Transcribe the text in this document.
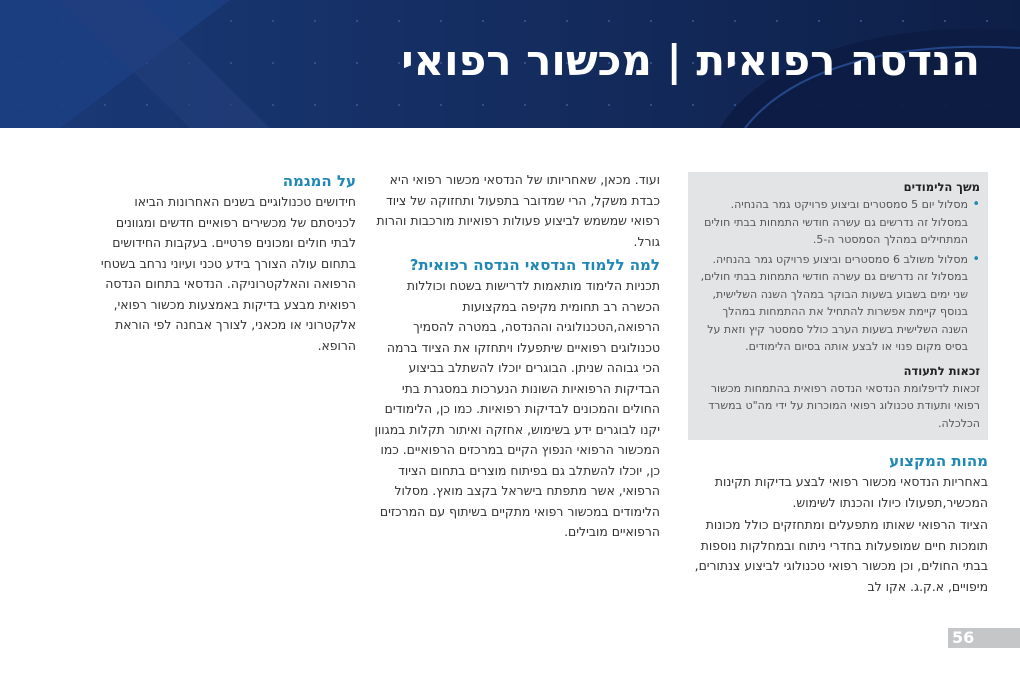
הנדסה רפואית | מכשור רפואי
על המגמה

חידושים טכנולוגיים בשנים האחרונות הביאו לכניסתם של מכשירים רפואיים חדשים ומגוונים לבתי חולים ומכונים פרטיים. בעקבות החידושים בתחום עולה הצורך בידע טכני ועיוני נרחב בשטחי הרפואה והאלקטרוניקה. הנדסאי בתחום הנדסה רפואית מבצע בדיקות באמצעות מכשור רפואי, אלקטרוני או מכאני, לצורך אבחנה לפי הוראת הרופא.

ועוד. מכאן, שאחריותו של הנדסאי מכשור רפואי היא כבדת משקל, הרי שמדובר בתפעול ותחזוקה של ציוד רפואי שמשמש לביצוע פעולות רפואיות מורכבות והרות גורל.

למה ללמוד הנדסאי הנדסה רפואית?

תכניות הלימוד מותאמות לדרישות בשטח וכוללות הכשרה רב תחומית מקיפה במקצועות הרפואה,הטכנולוגיה וההנדסה, במטרה להסמיך טכנולוגים רפואיים שיתפעלו ויתחזקו את הציוד ברמה הכי גבוהה שניתן. הבוגרים יוכלו להשתלב בביצוע הבדיקות הרפואיות השונות הנערכות במסגרת בתי החולים והמכונים לבדיקות רפואיות. כמו כן, הלימודים יקנו לבוגרים ידע בשימוש, אחזקה ואיתור תקלות במגוון המכשור הרפואי הנפוץ הקיים במרכזים הרפואיים. כמו כן, יוכלו להשתלב גם בפיתוח מוצרים בתחום הציוד הרפואי, אשר מתפתח בישראל בקצב מואץ. מסלול הלימודים במכשור רפואי מתקיים בשיתוף עם המרכזים הרפואיים מובילים.

משך הלימודים
• מסלול יום 5 סמסטרים וביצוע פרויקט גמר בהנחיה. במסלול זה נדרשים גם עשרה חודשי התמחות בבתי חולים המתחילים במהלך הסמסטר ה-5.
• מסלול משולב 6 סמסטרים וביצוע פרויקט גמר בהנחיה. במסלול זה נדרשים גם עשרה חודשי התמחות בבתי חולים, שני ימים בשבוע בשעות הבוקר במהלך השנה השלישית, בנוסף קיימת אפשרות להתחיל את ההתמחות במהלך השנה השלישית בשעות הערב כולל סמסטר קיץ וזאת על בסיס מקום פנוי או לבצע אותה בסיום הלימודים.
זכאות לתעודה

זכאות לדיפלומת הנדסאי הנדסה רפואית בהתמחות מכשור רפואי ותעודת טכנולוג רפואי המוכרות על ידי מה"ט במשרד הכלכלה.

מהות המקצוע

באחריות הנדסאי מכשור רפואי לבצע בדיקות תקינות המכשיר,תפעולו כיולו והכנתו לשימוש.

הציוד הרפואי שאותו מתפעלים ומתחזקים כולל מכונות תומכות חיים שמופעלות בחדרי ניתוח ובמחלקות נוספות בבתי החולים, וכן מכשור רפואי טכנולוגי לביצוע צנתורים, מיפויים, א.ק.ג. אקו לב

56
